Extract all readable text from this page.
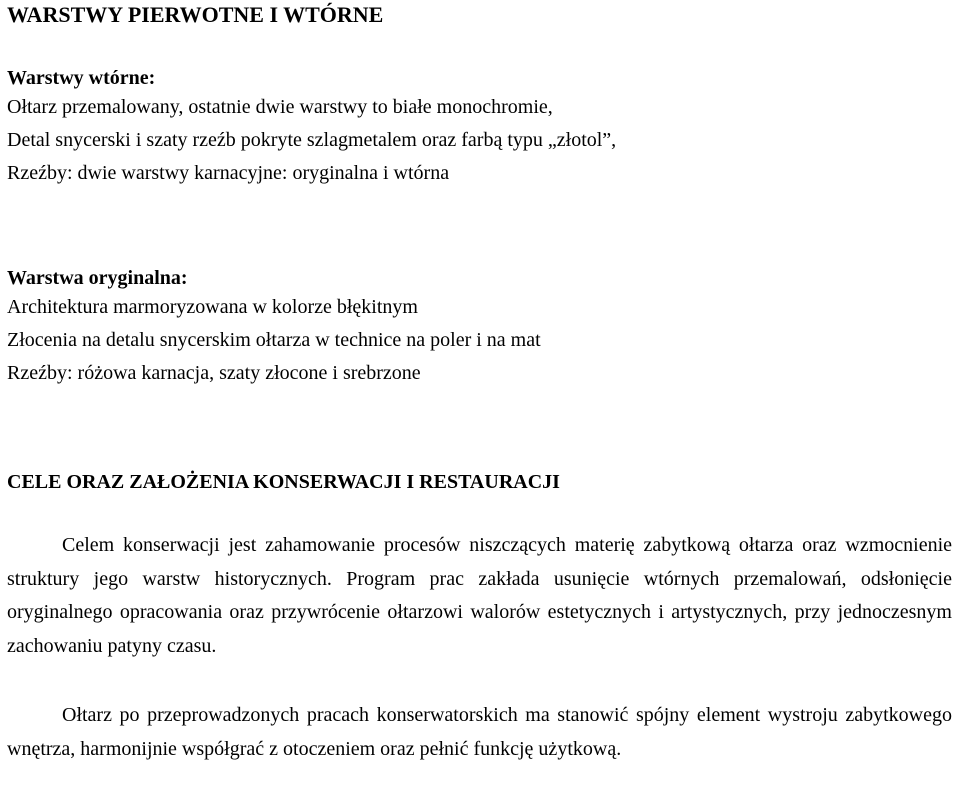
WARSTWY PIERWOTNE I WTÓRNE
Warstwy wtórne:
Ołtarz przemalowany, ostatnie dwie warstwy to białe monochromie,
Detal snycerski i szaty rzeźb pokryte szlagmetalem oraz farbą typu „złotol”,
Rzeźby: dwie warstwy karnacyjne: oryginalna i wtórna
Warstwa oryginalna:
Architektura marmoryzowana w kolorze błękitnym
Złocenia na detalu snycerskim ołtarza w technice na poler i na mat
Rzeźby: różowa karnacja, szaty złocone i srebrzone
CELE ORAZ ZAŁOŻENIA KONSERWACJI I RESTAURACJI

Celem konserwacji jest zahamowanie procesów niszczących materię zabytkową ołtarza oraz wzmocnienie struktury jego warstw historycznych. Program prac zakłada usunięcie wtórnych przemalowań, odsłonięcie oryginalnego opracowania oraz przywrócenie ołtarzowi walorów estetycznych i artystycznych, przy jednoczesnym zachowaniu patyny czasu.

Ołtarz po przeprowadzonych pracach konserwatorskich ma stanowić spójny element wystroju zabytkowego wnętrza, harmonijnie współgrać z otoczeniem oraz pełnić funkcję użytkową.
